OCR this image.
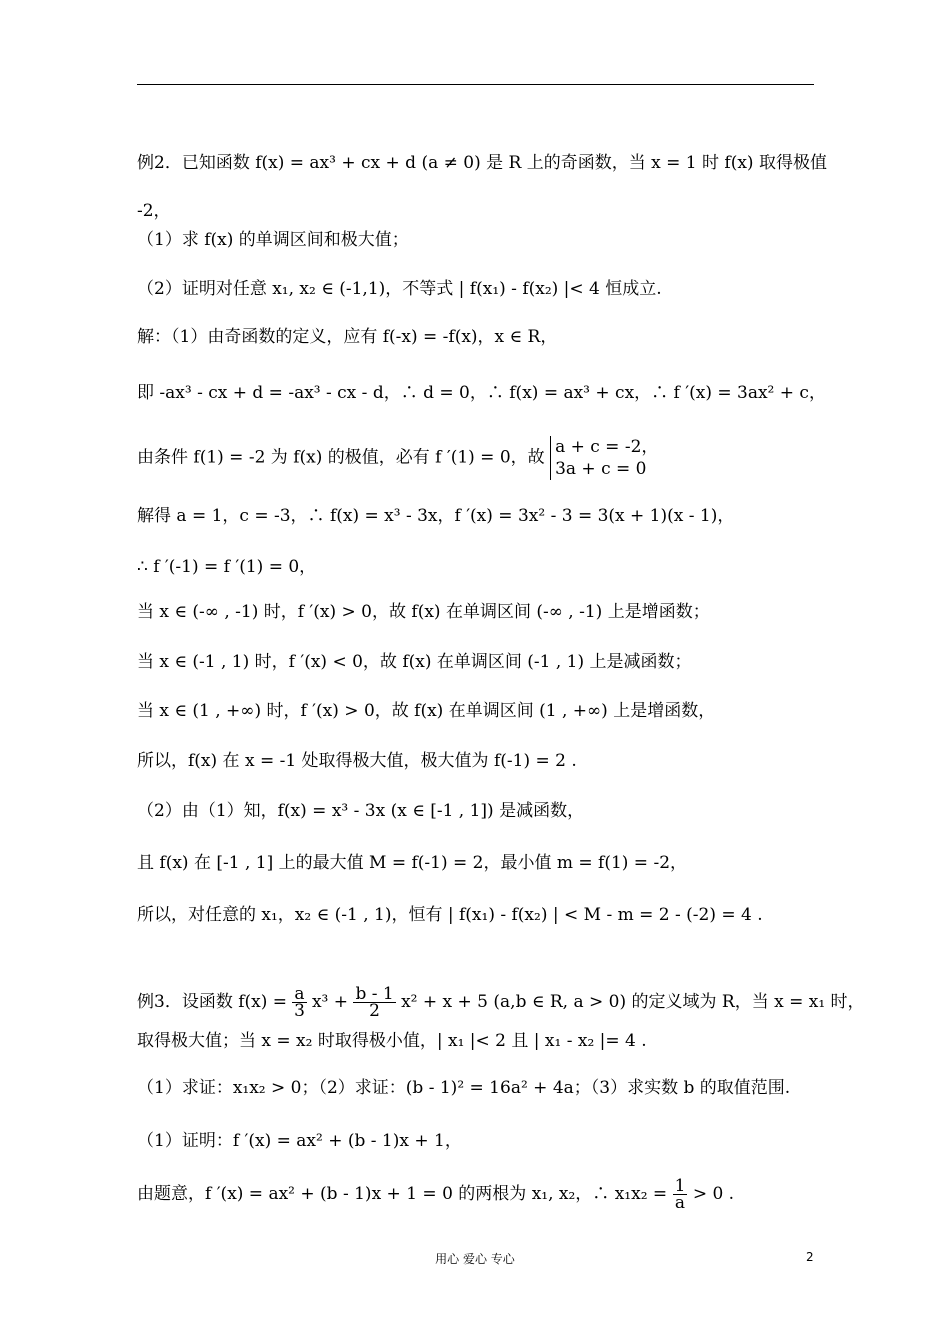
例2．已知函数 f(x) = ax³ + cx + d (a ≠ 0) 是 R 上的奇函数，当 x = 1 时 f(x) 取得极值
-2，
（1）求 f(x) 的单调区间和极大值；
（2）证明对任意 x₁, x₂ ∈ (-1,1)，不等式 | f(x₁) - f(x₂) |< 4 恒成立.
解：（1）由奇函数的定义，应有 f(-x) = -f(x)，x ∈ R，
即 -ax³ - cx + d = -ax³ - cx - d，∴ d = 0，∴ f(x) = ax³ + cx，∴ f ′(x) = 3ax² + c，
由条件 f(1) = -2 为 f(x) 的极值，必有 f ′(1) = 0，故
a + c = -2，
3a + c = 0
解得 a = 1，c = -3，∴ f(x) = x³ - 3x，f ′(x) = 3x² - 3 = 3(x + 1)(x - 1)，
∴ f ′(-1) = f ′(1) = 0，
当 x ∈ (-∞ , -1) 时，f ′(x) > 0，故 f(x) 在单调区间 (-∞ , -1) 上是增函数；
当 x ∈ (-1 , 1) 时，f ′(x) < 0，故 f(x) 在单调区间 (-1 , 1) 上是减函数；
当 x ∈ (1 , +∞) 时，f ′(x) > 0，故 f(x) 在单调区间 (1 , +∞) 上是增函数，
所以，f(x) 在 x = -1 处取得极大值，极大值为 f(-1) = 2 .
（2）由（1）知，f(x) = x³ - 3x (x ∈ [-1 , 1]) 是减函数，
且 f(x) 在 [-1 , 1] 上的最大值 M = f(-1) = 2，最小值 m = f(1) = -2，
所以，对任意的 x₁，x₂ ∈ (-1 , 1)，恒有 | f(x₁) - f(x₂) | < M - m = 2 - (-2) = 4 .
例3．设函数 $f(x) = \frac{a}{3} x^3 + \frac{b - 1}{2} x^2 + x + 5$ (a,b ∈ R, a > 0) 的定义域为 R，当 x = x₁ 时，
取得极大值；当 x = x₂ 时取得极小值，| x₁ |< 2 且 | x₁ - x₂ |= 4 .
（1）求证：x₁x₂ > 0；（2）求证：(b - 1)² = 16a² + 4a；（3）求实数 b 的取值范围.
（1）证明：f ′(x) = ax² + (b - 1)x + 1，
由题意，f ′(x) = ax² + (b - 1)x + 1 = 0 的两根为 x₁, x₂，∴ $x_1x_2 = \frac{1}{a} > 0$ .
用心 爱心 专心	2
